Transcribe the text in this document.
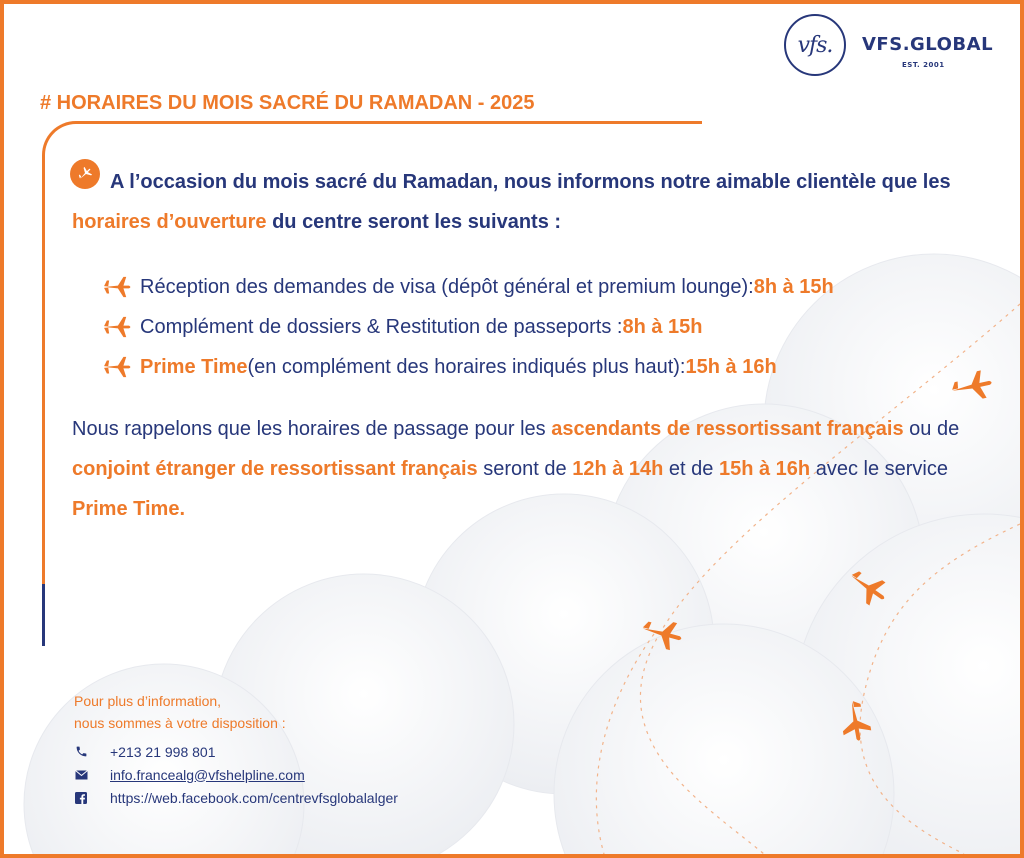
vfs.	VFS.GLOBAL
EST. 2001
# HORAIRES DU MOIS SACRÉ DU RAMADAN - 2025

A l’occasion du mois sacré du Ramadan, nous informons notre aimable clientèle que les horaires d’ouverture du centre seront les suivants :

Réception des demandes de visa (dépôt général et premium lounge): 8h à 15h
Complément de dossiers & Restitution de passeports : 8h à 15h
Prime Time (en complément des horaires indiqués plus haut): 15h à 16h

Nous rappelons que les horaires de passage pour les ascendants de ressortissant français ou de conjoint étranger de ressortissant français seront de 12h à 14h et de 15h à 16h avec le service Prime Time.

Pour plus d’information,
nous sommes à votre disposition :

+213 21 998 801
info.francealg@vfshelpline.com
https://web.facebook.com/centrevfsglobalalger
